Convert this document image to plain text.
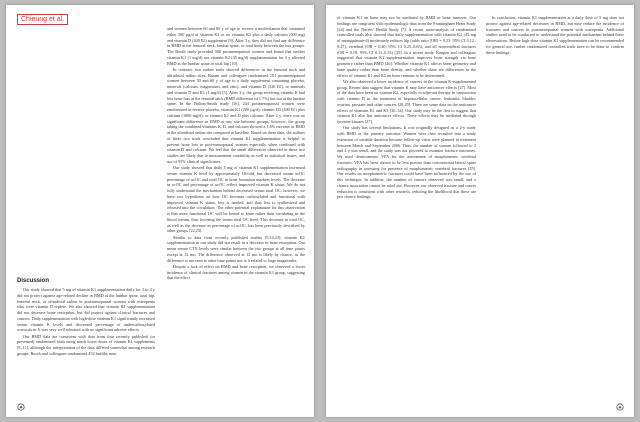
Chieung et al.

and women between 60 and 80 y of age to receive a multivitamin that contained either 500 µg/d of vitamin K1 or no vitamin K1 plus a daily calcium (600 mg) and vitamin D (400 IU) supplement [9]. After 3 y, they did not find any difference in BMD at the femoral neck, lumbar spine, or total body between the two groups. The Booth study provided 500 postmenopausal women and found that neither vitamin K1 (1 mg/d) nor vitamin K2 (45 mg/d) supplementation for 3 y affected BMD at the lumbar spine or total hip [10].

In contrast, two earlier trials showed differences in the femoral neck and ultradistal radius sites. Braam and colleagues randomized 181 postmenopausal women between 50 and 60 y of age to a daily supplement containing placebo, minerals (calcium, magnesium, and zinc), and vitamin D (320 IU), or minerals and vitamin D and K1 (1 mg/d) [5]. After 3 y, the group receiving vitamin K had less bone loss at the femoral neck (BMD difference of 1.7%) but not at the lumbar spine. In the Bolton-Smith study [16], 244 postmenopausal women were randomized to receive placebo, vitamin K1 (200 µg/d), vitamin D3 (400 IU) plus calcium (1000 mg/d), or vitamin K1 and D plus calcium. After 2 y, there was no significant difference in BMD at any site between groups; however, the group taking the combined vitamins K, D, and calcium showed a 1.6% increase in BMD at the ultradistal radius site compared to baseline. Based on these data, the authors of these two trials concluded that vitamin K1 supplementation is helpful to prevent bone loss in post-menopausal women especially when combined with vitamin D and calcium. We feel that the small differences observed in these two studies are likely due to measurement variability as well as statistical issues, and use of 95% clinical significance.

Our study showed that daily 5 mg of vitamin K1 supplementation increased serum vitamin K level by approximately 10-fold, but decreased serum ucOC percentage of ucOC and total OC in bone formation markers levels. The decrease in ucOC and percentage of ucOC reflect improved vitamin K status. We do not fully understand the mechanism behind decreased serum total OC; however, we have two hypotheses on how OC becomes carboxylated and functional with improved vitamin K status, less is needed, and thus less is synthesized and released into the circulation. The other potential explanation for this observation is that more functional OC will be bound to bone rather than circulating in the blood stream, thus lowering the serum total OC level. This decrease in total OC, as well as the decrease in percentage of ucOC, has been previously described by other groups [22,23].

Similar to data from recently published studies [9,10,23], vitamin K1 supplementation in our study did not result in a decrease in bone resorption. Our mean serum CTX levels were similar between the two groups at all time points except at 12 mo. The difference observed at 12 mo is likely by chance, as the difference is not seen at other time points nor is it related to large magnitudes.

Despite a lack of effect on BMD and bone resorption, we observed a lower incidence of clinical fractures among women in the vitamin K1 group, suggesting that the effect

Discussion

Our study showed that 5 mg of vitamin K1 supplementation daily for 2 to 4 y did not protect against age-related decline in BMD at the lumbar spine, total hip, femoral neck, or ultradistal radius in postmenopausal women with osteopenia who were vitamin D replete. We also showed that vitamin K1 supplementation did not decrease bone resorption, but did protect against clinical fractures and cancers. Daily supplementation with high-dose vitamin K1 significantly increased serum vitamin K levels and decreased percentage of undercarboxylated osteocalcin. It was very well tolerated with no significant adverse effects.

Our BMD data are consistent with data from four recently published (or presented) randomized trials using much lower doses of vitamin K1 supplements [9–11], although the interpretation of the data differed somewhat among research groups. Booth and colleagues randomized 452 healthy men

of vitamin K1 on bone may not be mediated by BMD or bone turnover. Our findings are congruent with epidemiologic data from the Framingham Heart Study [24] and the Nurses' Health Study [7]. A recent meta-analysis of randomized controlled trials also showed that daily supplementation with vitamin K2 (45 mg of menaquinone-4) moderately reduces hip (odds ratio [OR] = 0.23; 95% CI 0.12–0.47), vertebral (OR = 0.40; 95% CI 0.25–0.65), and all nonvertebral fractures (OR = 0.19; 95% CI 0.11–0.35) [25]. In a recent study, Knapen and colleagues suggested that vitamin K2 supplementation improves bone strength via bone geometry rather than BMD [26]. Whether vitamin K1 affects bone geometry and bone quality rather than bone density, and whether there are differences in the effects of vitamin K1 and K2 on bone remains to be determined.

We also observed a lower incidence of cancers in the vitamin K-supplemented group. Recent data suggest that vitamin K may have anticancer effects [27]. Most of the data have been on vitamin K2, especially in adjuvant therapy in conjunction with vitamin D in the treatment of hepatocellular cancer, leukemia, bladder, ovarian, prostate, and other cancers [28,29]. There are some data on the anticancer effects of vitamins K1 and K3 [30–34]. Our study may be the first to suggest that vitamin K1 also has anticancer effects. These effects may be mediated through tyrosine kinases [27].

Our study has several limitations. It was originally designed as a 2-y study with BMD as the primary outcome. Women were then recruited into a study extension of variable duration because follow-up visits were planned in treatment between March and September 2006. Thus, the number of women followed to 3 and 4 y was small, and the study was not powered to examine fracture outcomes. We used densitometric VFA for the assessment of morphometric vertebral fractures. VFA has been shown to be less precise than conventional lateral spine radiography in assessing for presence of morphometric vertebral fractures [35]. Our results on morphometric fractures could have been influenced by the use of this technique. In addition, the number of cancers observed was small, and a chance association cannot be ruled out. However, our observed fracture and cancer reduction is consistent with other research, reducing the likelihood that these are just chance findings.

In conclusion, vitamin K1 supplementation at a daily dose of 5 mg does not protect against age-related decreases in BMD, but may reduce the incidence of fractures and cancers in postmenopausal women with osteopenia. Additional studies need to be conducted to understand the potential mechanism behind these observations. Before high-dose vitamin K1 supplementation can be recommended for general use, further randomized controlled trials have to be done to confirm these findings.
